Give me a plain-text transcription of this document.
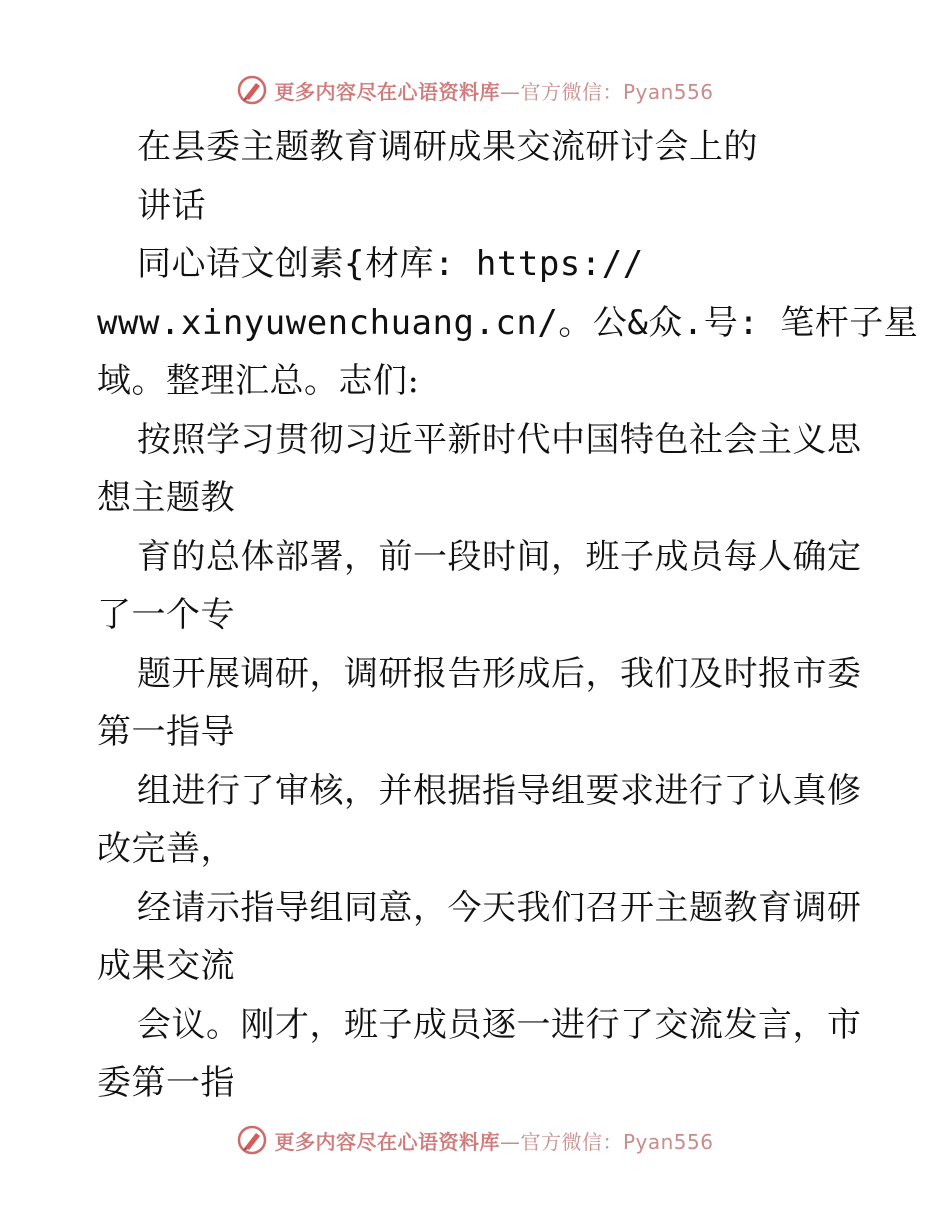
更多内容尽在心语资料库—官方微信：Pyan556
在县委主题教育调研成果交流研讨会上的
讲话
同心语文创素{材库: https://
www.xinyuwenchuang.cn/。公&众.号: 笔杆子星
域。整理汇总。志们:
按照学习贯彻习近平新时代中国特色社会主义思
想主题教
育的总体部署，前一段时间，班子成员每人确定
了一个专
题开展调研，调研报告形成后，我们及时报市委
第一指导
组进行了审核，并根据指导组要求进行了认真修
改完善，
经请示指导组同意，今天我们召开主题教育调研
成果交流
会议。刚才，班子成员逐一进行了交流发言，市
委第一指
更多内容尽在心语资料库—官方微信：Pyan556
